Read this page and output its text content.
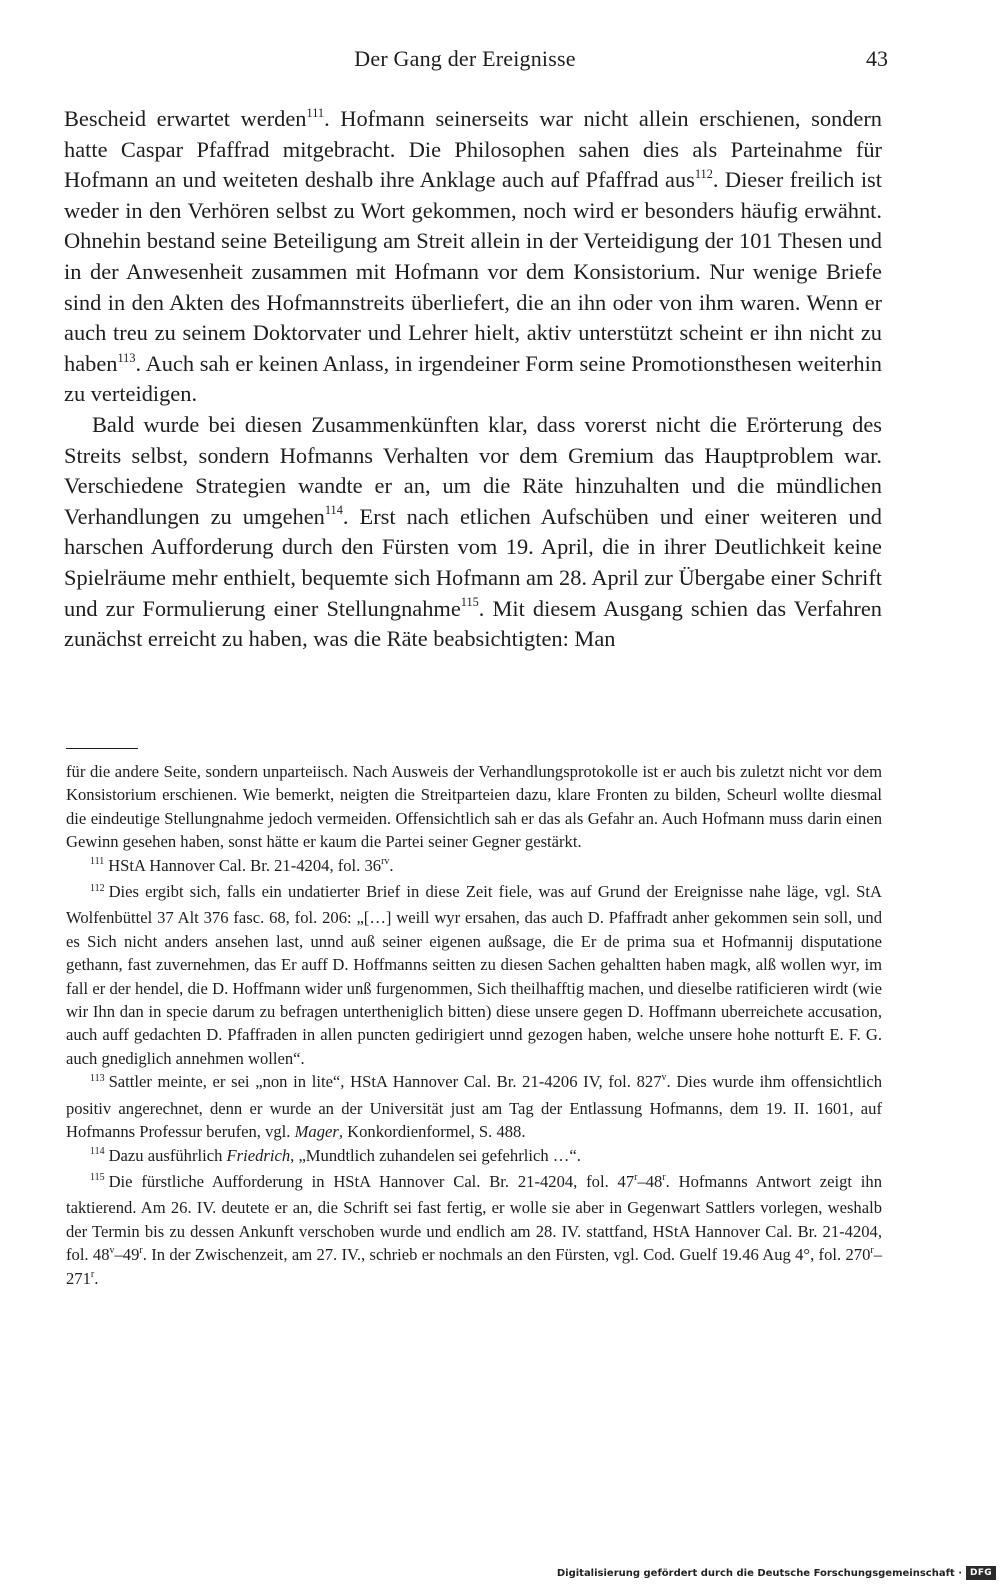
Der Gang der Ereignisse	43

Bescheid erwartet werden$^{111}$. Hofmann seinerseits war nicht allein erschienen, sondern hatte Caspar Pfaffrad mitgebracht. Die Philosophen sahen dies als Parteinahme für Hofmann an und weiteten deshalb ihre Anklage auch auf Pfaffrad aus$^{112}$. Dieser freilich ist weder in den Verhören selbst zu Wort gekommen, noch wird er besonders häufig erwähnt. Ohnehin bestand seine Beteiligung am Streit allein in der Verteidigung der 101 Thesen und in der Anwesenheit zusammen mit Hofmann vor dem Konsistorium. Nur wenige Briefe sind in den Akten des Hofmannstreits überliefert, die an ihn oder von ihm waren. Wenn er auch treu zu seinem Doktorvater und Lehrer hielt, aktiv unterstützt scheint er ihn nicht zu haben$^{113}$. Auch sah er keinen Anlass, in irgendeiner Form seine Promotionsthesen weiterhin zu verteidigen.

Bald wurde bei diesen Zusammenkünften klar, dass vorerst nicht die Erörterung des Streits selbst, sondern Hofmanns Verhalten vor dem Gremium das Hauptproblem war. Verschiedene Strategien wandte er an, um die Räte hinzuhalten und die mündlichen Verhandlungen zu umgehen$^{114}$. Erst nach etlichen Aufschüben und einer weiteren und harschen Aufforderung durch den Fürsten vom 19. April, die in ihrer Deutlichkeit keine Spielräume mehr enthielt, bequemte sich Hofmann am 28. April zur Übergabe einer Schrift und zur Formulierung einer Stellungnahme$^{115}$. Mit diesem Ausgang schien das Verfahren zunächst erreicht zu haben, was die Räte beabsichtigten: Man

für die andere Seite, sondern unparteiisch. Nach Ausweis der Verhandlungsprotokolle ist er auch bis zuletzt nicht vor dem Konsistorium erschienen. Wie bemerkt, neigten die Streitparteien dazu, klare Fronten zu bilden, Scheurl wollte diesmal die eindeutige Stellungnahme jedoch vermeiden. Offensichtlich sah er das als Gefahr an. Auch Hofmann muss darin einen Gewinn gesehen haben, sonst hätte er kaum die Partei seiner Gegner gestärkt.

$^{111}$ HStA Hannover Cal. Br. 21-4204, fol. $36^{rv}$.

$^{112}$ Dies ergibt sich, falls ein undatierter Brief in diese Zeit fiele, was auf Grund der Ereignisse nahe läge, vgl. StA Wolfenbüttel 37 Alt 376 fasc. 68, fol. 206: „[…] weill wyr ersahen, das auch D. Pfaffradt anher gekommen sein soll, und es Sich nicht anders ansehen last, unnd auß seiner eigenen außsage, die Er de prima sua et Hofmannij disputatione gethann, fast zuvernehmen, das Er auff D. Hoffmanns seitten zu diesen Sachen gehaltten haben magk, alß wollen wyr, im fall er der hendel, die D. Hoffmann wider unß furgenommen, Sich theilhafftig machen, und dieselbe ratificieren wirdt (wie wir Ihn dan in specie darum zu befragen untertheniglich bitten) diese unsere gegen D. Hoffmann uberreichete accusation, auch auff gedachten D. Pfaffraden in allen puncten gedirigiert unnd gezogen haben, welche unsere hohe notturft E. F. G. auch gnediglich annehmen wollen“.

$^{113}$ Sattler meinte, er sei „non in lite“, HStA Hannover Cal. Br. 21-4206 IV, fol. 827$^v$. Dies wurde ihm offensichtlich positiv angerechnet, denn er wurde an der Universität just am Tag der Entlassung Hofmanns, dem 19. II. 1601, auf Hofmanns Professur berufen, vgl. Mager, Konkordienformel, S. 488.

$^{114}$ Dazu ausführlich Friedrich, „Mundtlich zuhandelen sei gefehrlich …“.

$^{115}$ Die fürstliche Aufforderung in HStA Hannover Cal. Br. 21-4204, fol. 47$^r$–48$^r$. Hofmanns Antwort zeigt ihn taktierend. Am 26. IV. deutete er an, die Schrift sei fast fertig, er wolle sie aber in Gegenwart Sattlers vorlegen, weshalb der Termin bis zu dessen Ankunft verschoben wurde und endlich am 28. IV. stattfand, HStA Hannover Cal. Br. 21-4204, fol. 48$^v$–49$^r$. In der Zwischenzeit, am 27. IV., schrieb er nochmals an den Fürsten, vgl. Cod. Guelf 19.46 Aug 4°, fol. 270$^r$–271$^r$.

Digitalisierung gefördert durch die Deutsche Forschungsgemeinschaft · DFG
